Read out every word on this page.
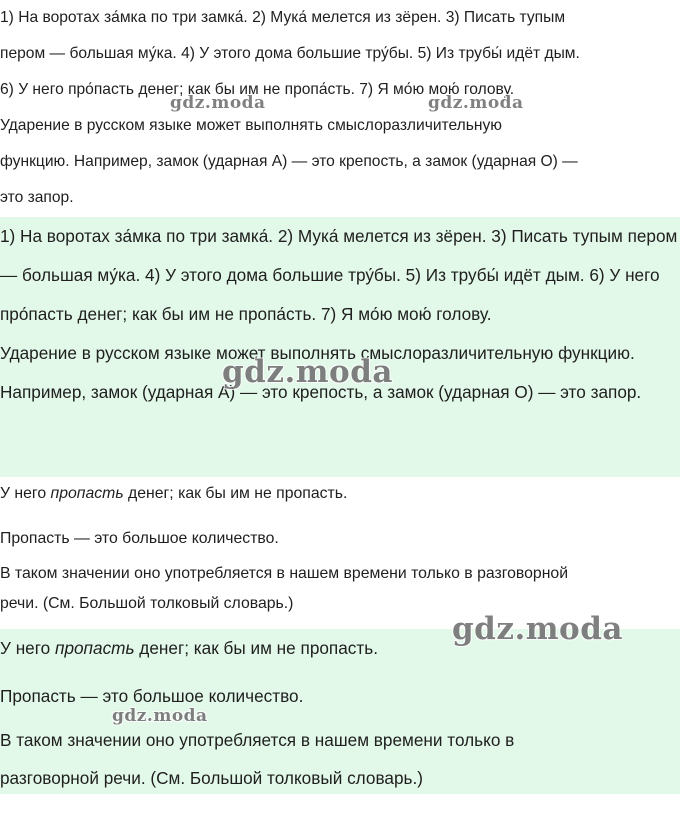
1) На воротах за́мка по три замка́. 2) Мука́ мелется из зёрен. 3) Писать тупым

пером — большая му́ка. 4) У этого дома большие тру́бы. 5) Из трубы́ идёт дым.

6) У него про́пасть денег; как бы им не пропа́сть. 7) Я мо́ю мою́ голову.

Ударение в русском языке может выполнять смыслоразличительную

функцию. Например, замок (ударная А) — это крепость, а замок (ударная О) —

это запор.

1) На воротах за́мка по три замка́. 2) Мука́ мелется из зёрен. 3) Писать тупым пером — большая му́ка. 4) У этого дома большие тру́бы. 5) Из трубы́ идёт дым. 6) У него про́пасть денег; как бы им не пропа́сть. 7) Я мо́ю мою́ голову.

Ударение в русском языке может выполнять смыслоразличительную функцию. Например, замок (ударная А) — это крепость, а замок (ударная О) — это запор.

У него пропасть денег; как бы им не пропасть.

Пропасть — это большое количество.

В таком значении оно употребляется в нашем времени только в разговорной

речи. (См. Большой толковый словарь.)

У него пропасть денег; как бы им не пропасть.

Пропасть — это большое количество.

В таком значении оно употребляется в нашем времени только в

разговорной речи. (См. Большой толковый словарь.)

gdz.moda	gdz.moda
gdz.moda
gdz.moda
gdz.moda
